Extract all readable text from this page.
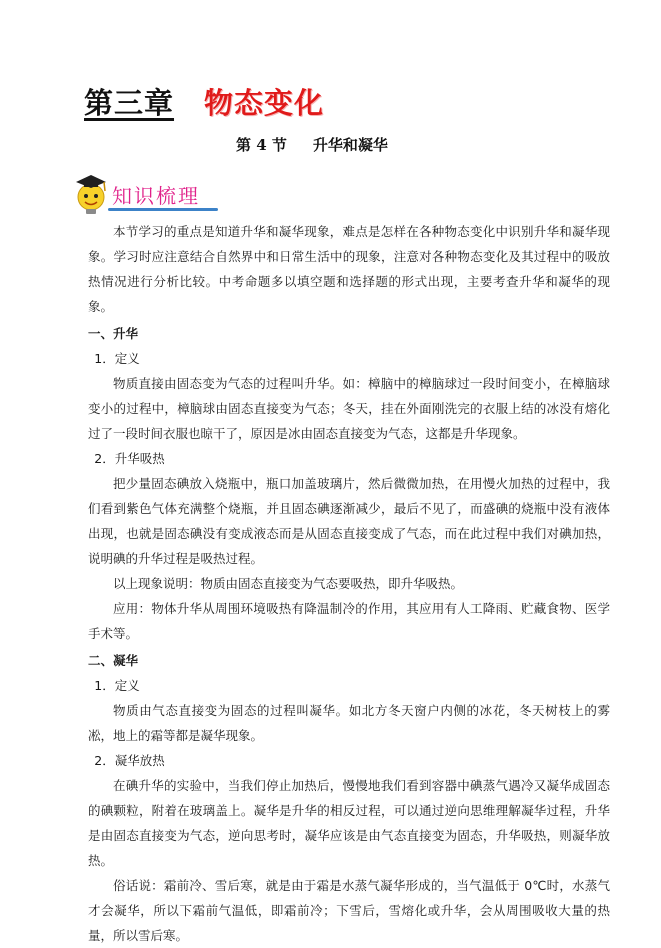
第三章 物态变化
第 4 节 升华和凝华
知识梳理

本节学习的重点是知道升华和凝华现象，难点是怎样在各种物态变化中识别升华和凝华现象。学习时应注意结合自然界中和日常生活中的现象，注意对各种物态变化及其过程中的吸放热情况进行分析比较。中考命题多以填空题和选择题的形式出现，主要考查升华和凝华的现象。

一、升华

1．定义

物质直接由固态变为气态的过程叫升华。如：樟脑中的樟脑球过一段时间变小，在樟脑球变小的过程中，樟脑球由固态直接变为气态；冬天，挂在外面刚洗完的衣服上结的冰没有熔化过了一段时间衣服也晾干了，原因是冰由固态直接变为气态，这都是升华现象。

2．升华吸热

把少量固态碘放入烧瓶中，瓶口加盖玻璃片，然后微微加热，在用慢火加热的过程中，我们看到紫色气体充满整个烧瓶，并且固态碘逐渐减少，最后不见了，而盛碘的烧瓶中没有液体出现，也就是固态碘没有变成液态而是从固态直接变成了气态，而在此过程中我们对碘加热，说明碘的升华过程是吸热过程。

以上现象说明：物质由固态直接变为气态要吸热，即升华吸热。

应用：物体升华从周围环境吸热有降温制冷的作用，其应用有人工降雨、贮藏食物、医学手术等。

二、凝华

1．定义

物质由气态直接变为固态的过程叫凝华。如北方冬天窗户内侧的冰花，冬天树枝上的雾凇，地上的霜等都是凝华现象。

2．凝华放热

在碘升华的实验中，当我们停止加热后，慢慢地我们看到容器中碘蒸气遇冷又凝华成固态的碘颗粒，附着在玻璃盖上。凝华是升华的相反过程，可以通过逆向思维理解凝华过程，升华是由固态直接变为气态，逆向思考时，凝华应该是由气态直接变为固态，升华吸热，则凝华放热。

俗话说：霜前冷、雪后寒，就是由于霜是水蒸气凝华形成的，当气温低于 0℃时，水蒸气才会凝华，所以下霜前气温低，即霜前冷；下雪后，雪熔化或升华，会从周围吸收大量的热量，所以雪后寒。
